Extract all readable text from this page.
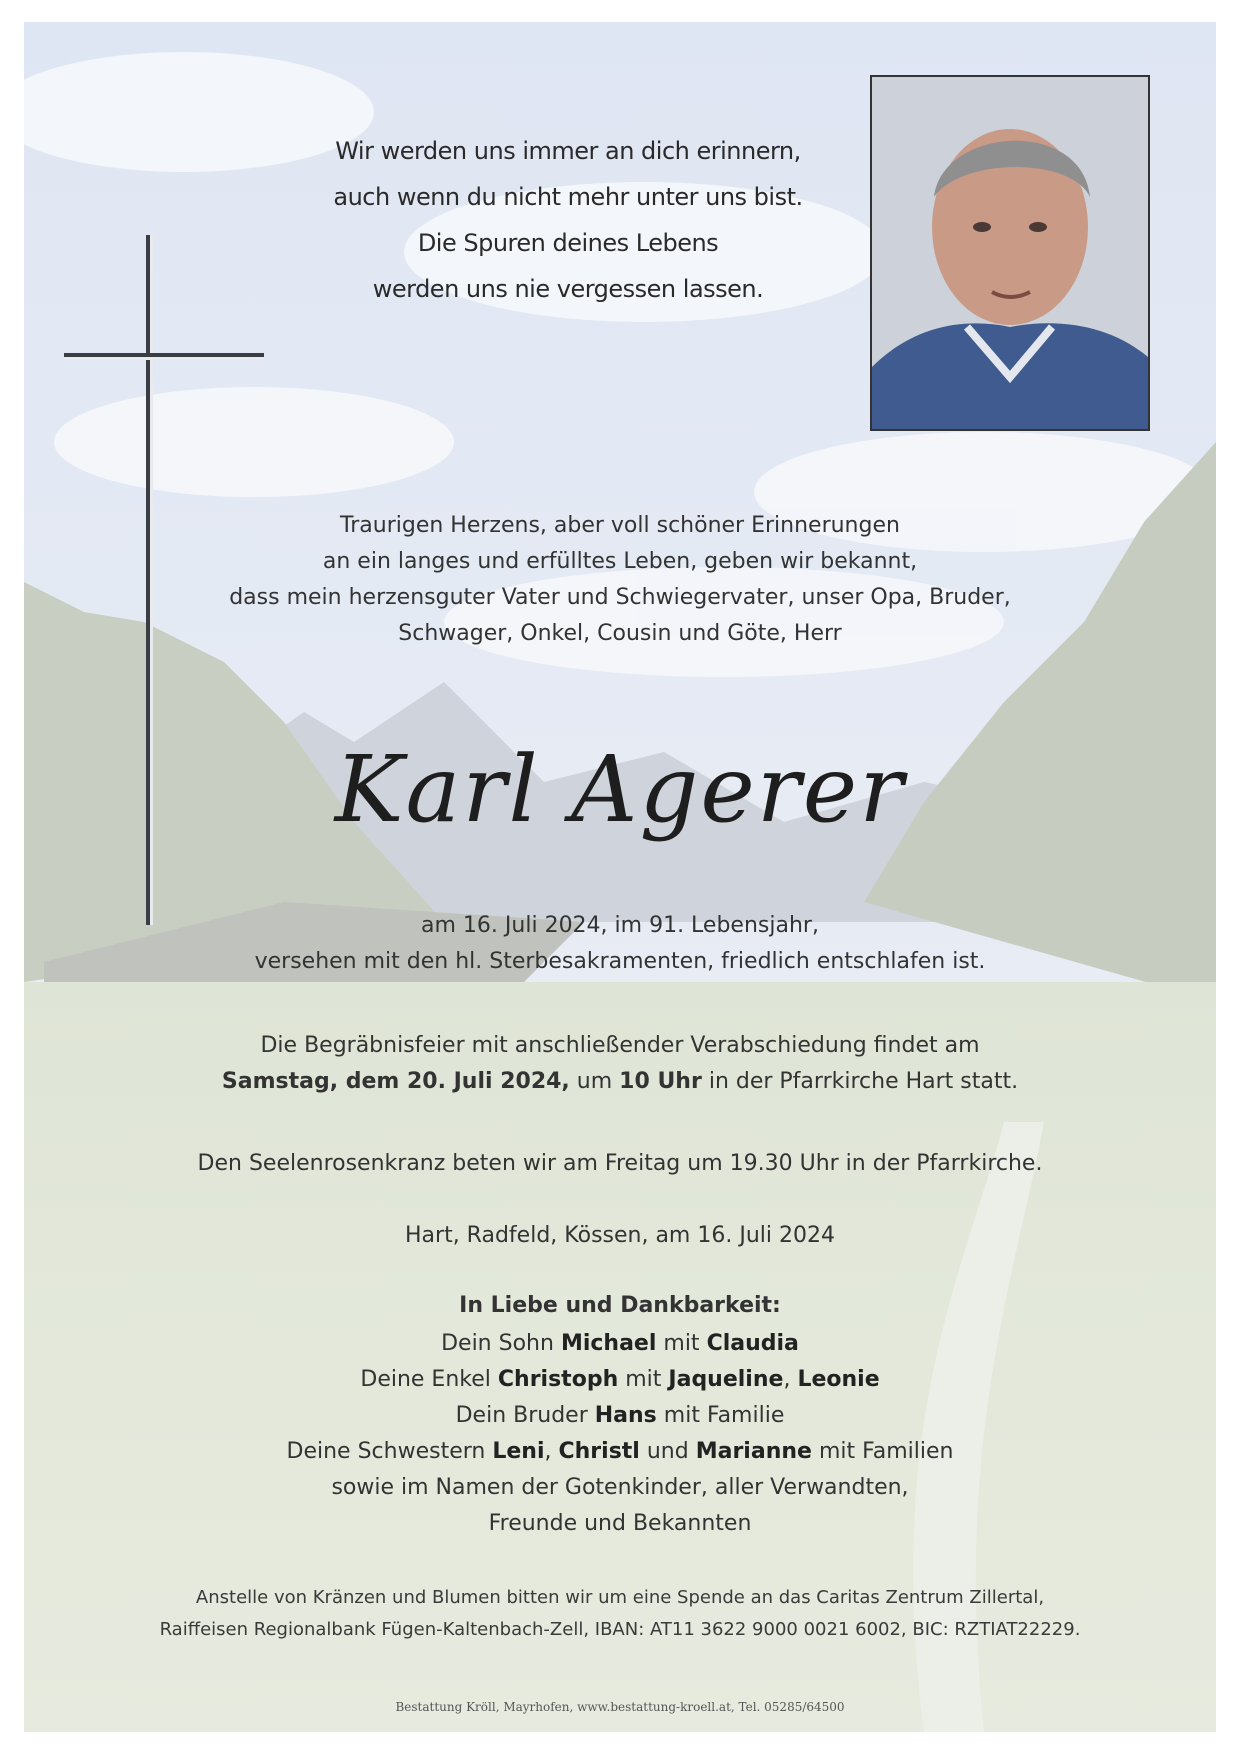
Wir werden uns immer an dich erinnern,
auch wenn du nicht mehr unter uns bist.
Die Spuren deines Lebens
werden uns nie vergessen lassen.
Traurigen Herzens, aber voll schöner Erinnerungen
an ein langes und erfülltes Leben, geben wir bekannt,
dass mein herzensguter Vater und Schwiegervater, unser Opa, Bruder,
Schwager, Onkel, Cousin und Göte, Herr
Karl Agerer
am 16. Juli 2024, im 91. Lebensjahr,
versehen mit den hl. Sterbesakramenten, friedlich entschlafen ist.
Die Begräbnisfeier mit anschließender Verabschiedung findet am
Samstag, dem 20. Juli 2024, um 10 Uhr in der Pfarrkirche Hart statt.
Den Seelenrosenkranz beten wir am Freitag um 19.30 Uhr in der Pfarrkirche.
Hart, Radfeld, Kössen, am 16. Juli 2024
In Liebe und Dankbarkeit:
Dein Sohn Michael mit Claudia
Deine Enkel Christoph mit Jaqueline, Leonie
Dein Bruder Hans mit Familie
Deine Schwestern Leni, Christl und Marianne mit Familien
sowie im Namen der Gotenkinder, aller Verwandten,
Freunde und Bekannten
Anstelle von Kränzen und Blumen bitten wir um eine Spende an das Caritas Zentrum Zillertal,
Raiffeisen Regionalbank Fügen-Kaltenbach-Zell, IBAN: AT11 3622 9000 0021 6002, BIC: RZTIAT22229.
Bestattung Kröll, Mayrhofen, www.bestattung-kroell.at, Tel. 05285/64500
